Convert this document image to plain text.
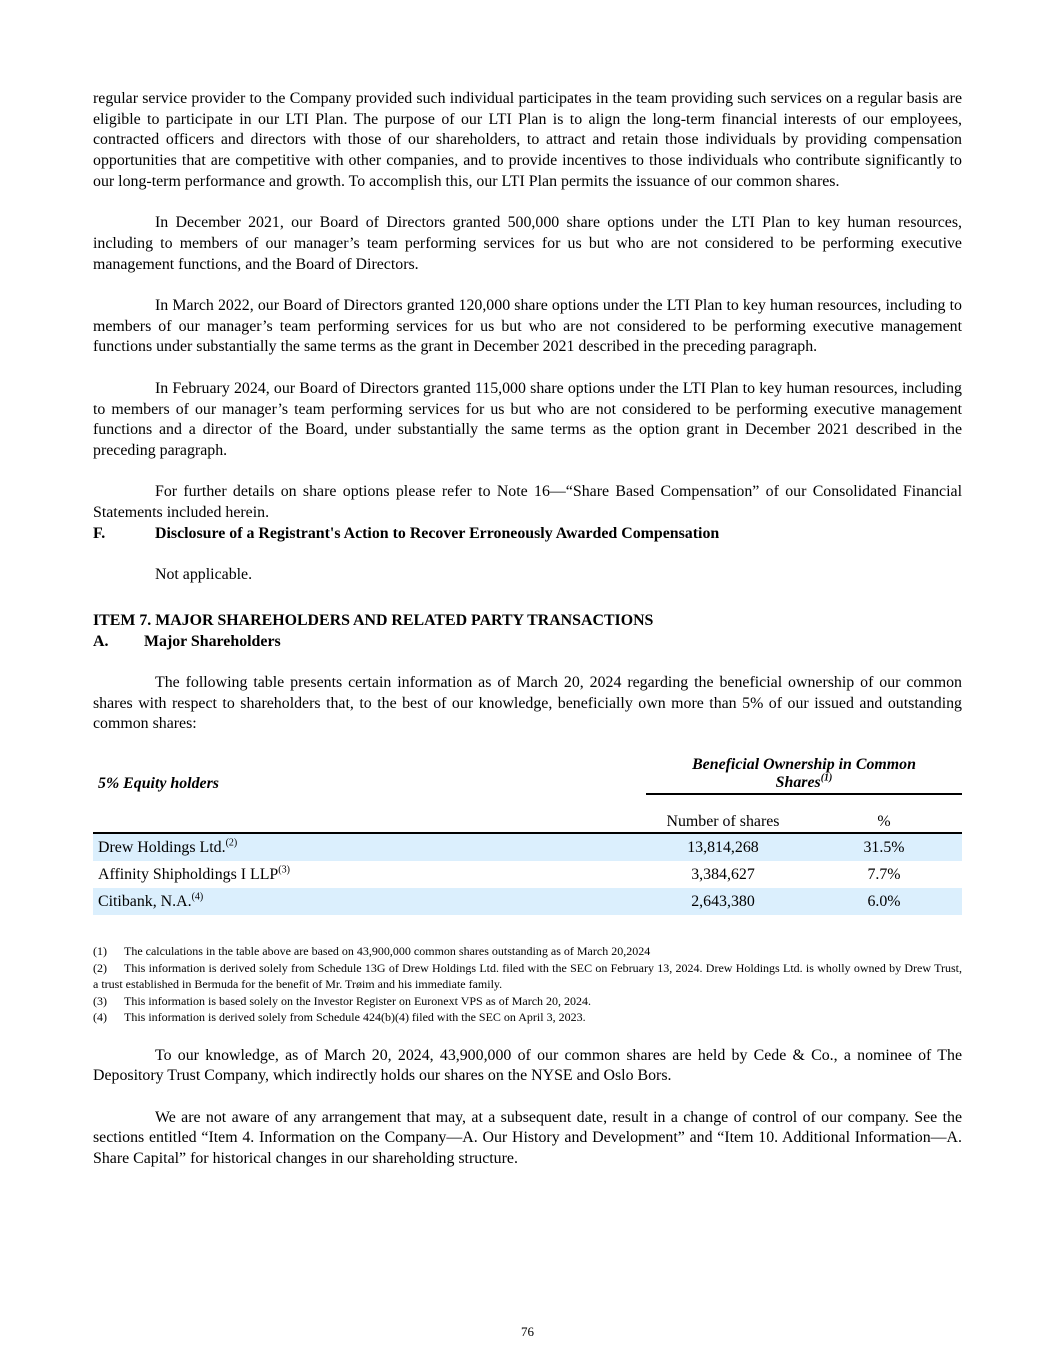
regular service provider to the Company provided such individual participates in the team providing such services on a regular basis are eligible to participate in our LTI Plan. The purpose of our LTI Plan is to align the long-term financial interests of our employees, contracted officers and directors with those of our shareholders, to attract and retain those individuals by providing compensation opportunities that are competitive with other companies, and to provide incentives to those individuals who contribute significantly to our long-term performance and growth. To accomplish this, our LTI Plan permits the issuance of our common shares.

In December 2021, our Board of Directors granted 500,000 share options under the LTI Plan to key human resources, including to members of our manager’s team performing services for us but who are not considered to be performing executive management functions, and the Board of Directors.

In March 2022, our Board of Directors granted 120,000 share options under the LTI Plan to key human resources, including to members of our manager’s team performing services for us but who are not considered to be performing executive management functions under substantially the same terms as the grant in December 2021 described in the preceding paragraph.

In February 2024, our Board of Directors granted 115,000 share options under the LTI Plan to key human resources, including to members of our manager’s team performing services for us but who are not considered to be performing executive management functions and a director of the Board, under substantially the same terms as the option grant in December 2021 described in the preceding paragraph.

For further details on share options please refer to Note 16—“Share Based Compensation” of our Consolidated Financial Statements included herein.

F.	Disclosure of a Registrant's Action to Recover Erroneously Awarded Compensation

Not applicable.

ITEM 7. MAJOR SHAREHOLDERS AND RELATED PARTY TRANSACTIONS
A. Major Shareholders

The following table presents certain information as of March 20, 2024 regarding the beneficial ownership of our common shares with respect to shareholders that, to the best of our knowledge, beneficially own more than 5% of our issued and outstanding common shares:

5% Equity holders	Beneficial Ownership in Common
Shares$^{(1)}$
	Number of shares		%
Drew Holdings Ltd.$^{(2)}$	13,814,268		31.5%
Affinity Shipholdings I LLP$^{(3)}$	3,384,627		7.7%
Citibank, N.A.$^{(4)}$	2,643,380		6.0%

(1) The calculations in the table above are based on 43,900,000 common shares outstanding as of March 20,2024

(2) This information is derived solely from Schedule 13G of Drew Holdings Ltd. filed with the SEC on February 13, 2024. Drew Holdings Ltd. is wholly owned by Drew Trust, a trust established in Bermuda for the benefit of Mr. Trøim and his immediate family.

(3) This information is based solely on the Investor Register on Euronext VPS as of March 20, 2024.

(4) This information is derived solely from Schedule 424(b)(4) filed with the SEC on April 3, 2023.

To our knowledge, as of March 20, 2024, 43,900,000 of our common shares are held by Cede & Co., a nominee of The Depository Trust Company, which indirectly holds our shares on the NYSE and Oslo Bors.

We are not aware of any arrangement that may, at a subsequent date, result in a change of control of our company. See the sections entitled “Item 4. Information on the Company—A. Our History and Development” and “Item 10. Additional Information—A. Share Capital” for historical changes in our shareholding structure.

76
